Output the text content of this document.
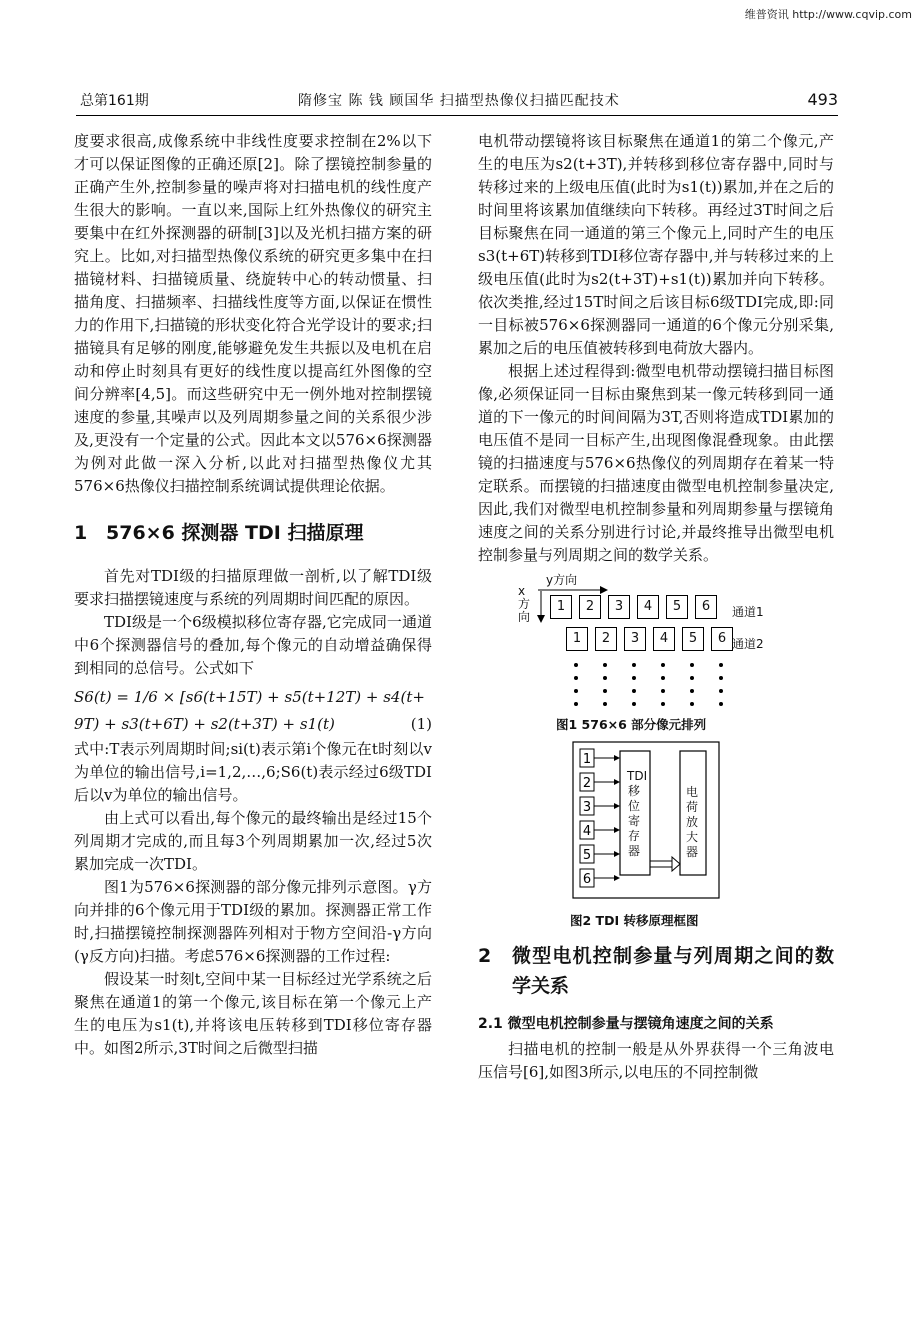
维普资讯 http://www.cqvip.com
总第161期	隋修宝 陈 钱 顾国华 扫描型热像仪扫描匹配技术	493

度要求很高,成像系统中非线性度要求控制在2%以下才可以保证图像的正确还原[2]。除了摆镜控制参量的正确产生外,控制参量的噪声将对扫描电机的线性度产生很大的影响。一直以来,国际上红外热像仪的研究主要集中在红外探测器的研制[3]以及光机扫描方案的研究上。比如,对扫描型热像仪系统的研究更多集中在扫描镜材料、扫描镜质量、绕旋转中心的转动惯量、扫描角度、扫描频率、扫描线性度等方面,以保证在惯性力的作用下,扫描镜的形状变化符合光学设计的要求;扫描镜具有足够的刚度,能够避免发生共振以及电机在启动和停止时刻具有更好的线性度以提高红外图像的空间分辨率[4,5]。而这些研究中无一例外地对控制摆镜速度的参量,其噪声以及列周期参量之间的关系很少涉及,更没有一个定量的公式。因此本文以576×6探测器为例对此做一深入分析,以此对扫描型热像仪尤其576×6热像仪扫描控制系统调试提供理论依据。

1 576×6 探测器 TDI 扫描原理

首先对TDI级的扫描原理做一剖析,以了解TDI级要求扫描摆镜速度与系统的列周期时间匹配的原因。

TDI级是一个6级模拟移位寄存器,它完成同一通道中6个探测器信号的叠加,每个像元的自动增益确保得到相同的总信号。公式如下

S6(t) = 1/6 × [s6(t+15T) + s5(t+12T) + s4(t+
9T) + s3(t+6T) + s2(t+3T) + s1(t)	(1)

式中:T表示列周期时间;si(t)表示第i个像元在t时刻以v为单位的输出信号,i=1,2,…,6;S6(t)表示经过6级TDI后以v为单位的输出信号。

由上式可以看出,每个像元的最终输出是经过15个列周期才完成的,而且每3个列周期累加一次,经过5次累加完成一次TDI。

图1为576×6探测器的部分像元排列示意图。γ方向并排的6个像元用于TDI级的累加。探测器正常工作时,扫描摆镜控制探测器阵列相对于物方空间沿-γ方向(γ反方向)扫描。考虑576×6探测器的工作过程:

假设某一时刻t,空间中某一目标经过光学系统之后聚焦在通道1的第一个像元,该目标在第一个像元上产生的电压为s1(t),并将该电压转移到TDI移位寄存器中。如图2所示,3T时间之后微型扫描

电机带动摆镜将该目标聚焦在通道1的第二个像元,产生的电压为s2(t+3T),并转移到移位寄存器中,同时与转移过来的上级电压值(此时为s1(t))累加,并在之后的时间里将该累加值继续向下转移。再经过3T时间之后目标聚焦在同一通道的第三个像元上,同时产生的电压s3(t+6T)转移到TDI移位寄存器中,并与转移过来的上级电压值(此时为s2(t+3T)+s1(t))累加并向下转移。依次类推,经过15T时间之后该目标6级TDI完成,即:同一目标被576×6探测器同一通道的6个像元分别采集,累加之后的电压值被转移到电荷放大器内。

根据上述过程得到:微型电机带动摆镜扫描目标图像,必须保证同一目标由聚焦到某一像元转移到同一通道的下一像元的时间间隔为3T,否则将造成TDI累加的电压值不是同一目标产生,出现图像混叠现象。由此摆镜的扫描速度与576×6热像仪的列周期存在着某一特定联系。而摆镜的扫描速度由微型电机控制参量决定,因此,我们对微型电机控制参量和列周期参量与摆镜角速度之间的关系分别进行讨论,并最终推导出微型电机控制参量与列周期之间的数学关系。

y方向
x方向
1	2	3	4	5	6	通道1
1	2	3	4	5	6 通道2
图1 576×6 部分像元排列
1
2
3
4
5
6
TDI 移位寄存器
电荷放大器
图2 TDI 转移原理框图
2	微型电机控制参量与列周期之间的数学关系
2.1 微型电机控制参量与摆镜角速度之间的关系

扫描电机的控制一般是从外界获得一个三角波电压信号[6],如图3所示,以电压的不同控制微
